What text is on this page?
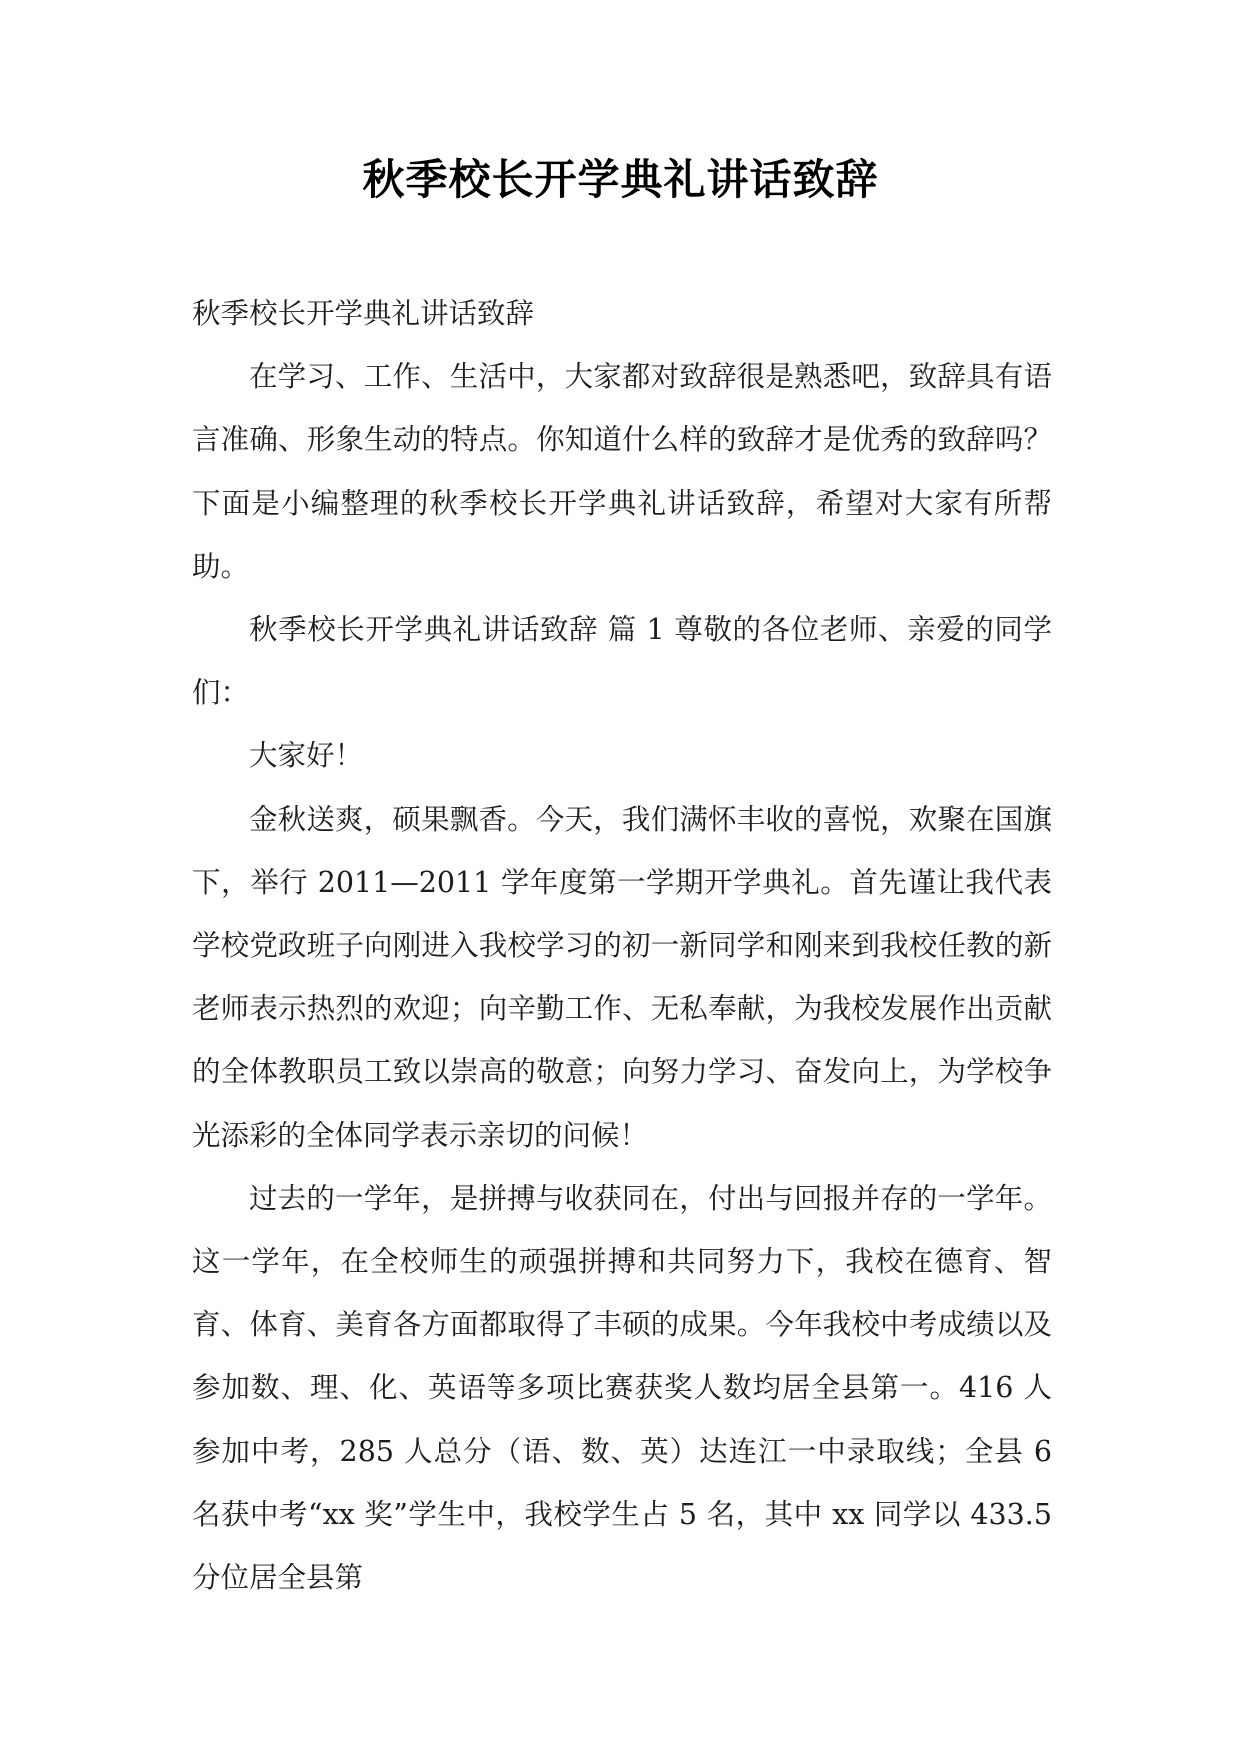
秋季校长开学典礼讲话致辞

秋季校长开学典礼讲话致辞

在学习、工作、生活中，大家都对致辞很是熟悉吧，致辞具有语言准确、形象生动的特点。你知道什么样的致辞才是优秀的致辞吗？下面是小编整理的秋季校长开学典礼讲话致辞，希望对大家有所帮助。

秋季校长开学典礼讲话致辞 篇 1 尊敬的各位老师、亲爱的同学们：

大家好！

金秋送爽，硕果飘香。今天，我们满怀丰收的喜悦，欢聚在国旗下，举行 2011—2011 学年度第一学期开学典礼。首先谨让我代表学校党政班子向刚进入我校学习的初一新同学和刚来到我校任教的新老师表示热烈的欢迎；向辛勤工作、无私奉献，为我校发展作出贡献的全体教职员工致以崇高的敬意；向努力学习、奋发向上，为学校争光添彩的全体同学表示亲切的问候！

过去的一学年，是拼搏与收获同在，付出与回报并存的一学年。这一学年，在全校师生的顽强拼搏和共同努力下，我校在德育、智育、体育、美育各方面都取得了丰硕的成果。今年我校中考成绩以及参加数、理、化、英语等多项比赛获奖人数均居全县第一。416 人参加中考，285 人总分（语、数、英）达连江一中录取线；全县 6 名获中考“xx 奖”学生中，我校学生占 5 名，其中 xx 同学以 433.5 分位居全县第
